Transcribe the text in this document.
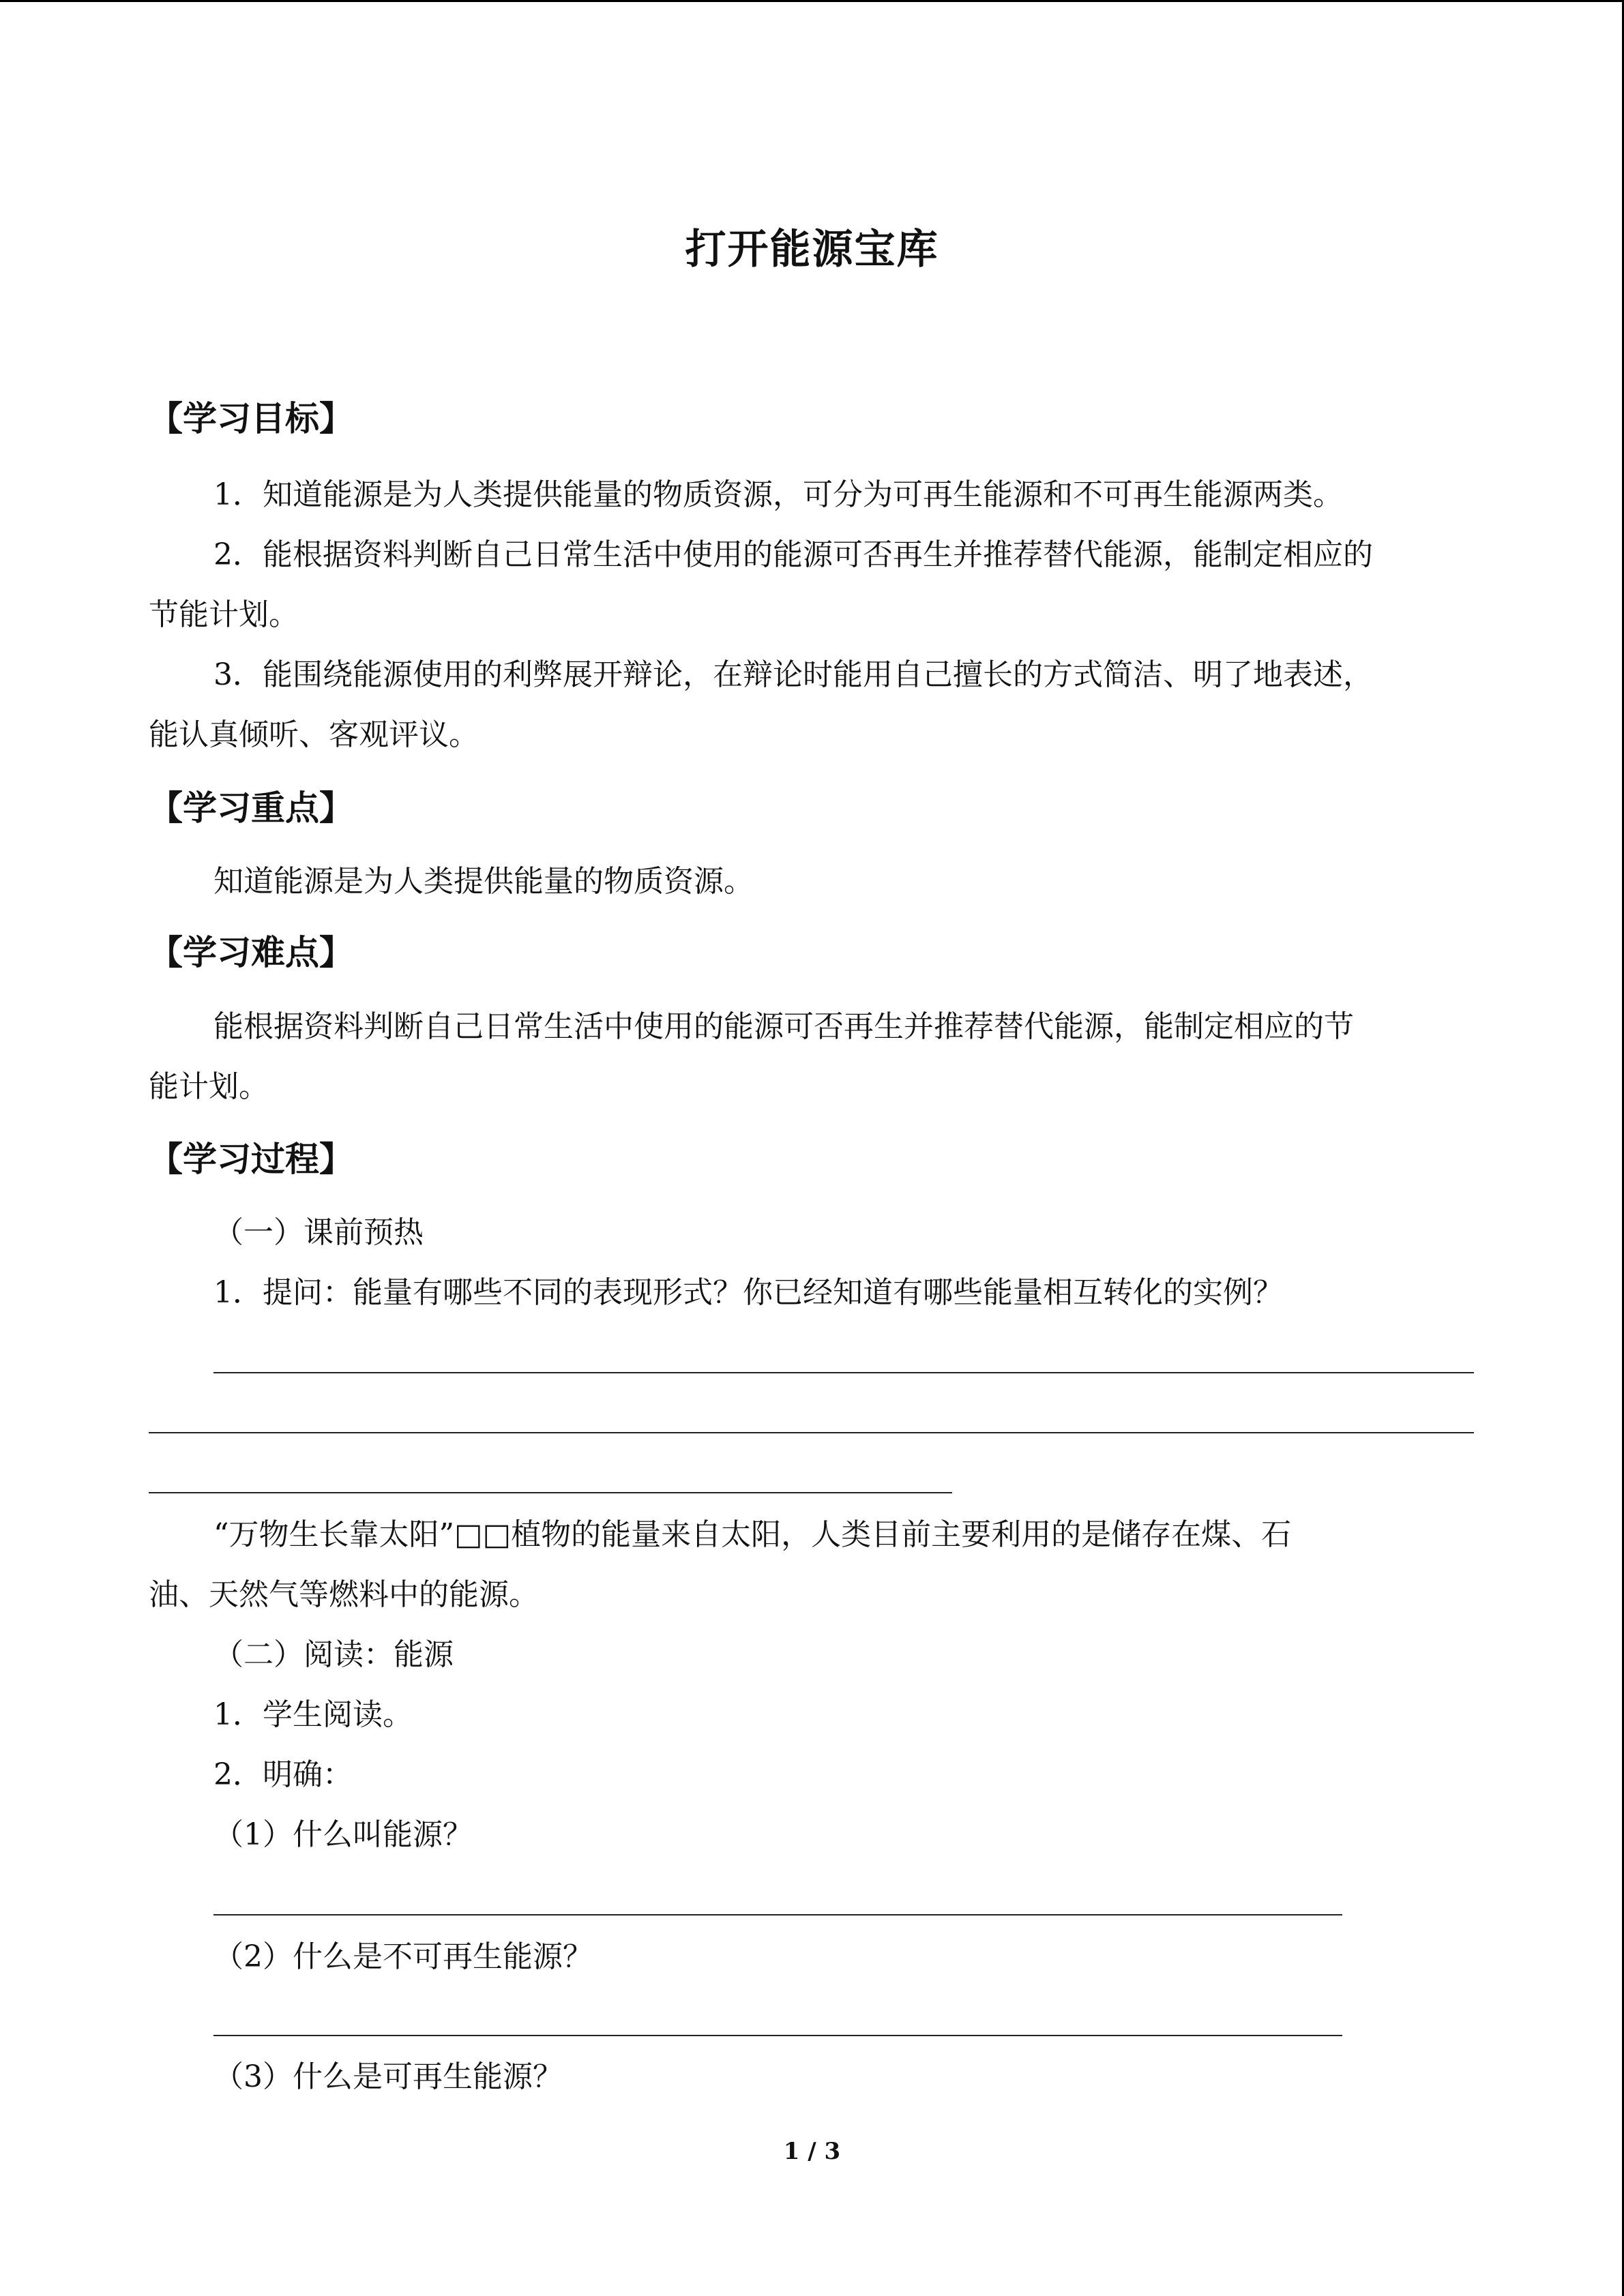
打开能源宝库
【学习目标】
1．知道能源是为人类提供能量的物质资源，可分为可再生能源和不可再生能源两类。
2．能根据资料判断自己日常生活中使用的能源可否再生并推荐替代能源，能制定相应的
节能计划。
3．能围绕能源使用的利弊展开辩论，在辩论时能用自己擅长的方式简洁、明了地表述，
能认真倾听、客观评议。
【学习重点】
知道能源是为人类提供能量的物质资源。
【学习难点】
能根据资料判断自己日常生活中使用的能源可否再生并推荐替代能源，能制定相应的节
能计划。
【学习过程】
（一）课前预热
1．提问：能量有哪些不同的表现形式？你已经知道有哪些能量相互转化的实例？
“万物生长靠太阳”□□植物的能量来自太阳，人类目前主要利用的是储存在煤、石
油、天然气等燃料中的能源。
（二）阅读：能源
1．学生阅读。
2．明确：
（1）什么叫能源？
（2）什么是不可再生能源？
（3）什么是可再生能源？
1 / 3
